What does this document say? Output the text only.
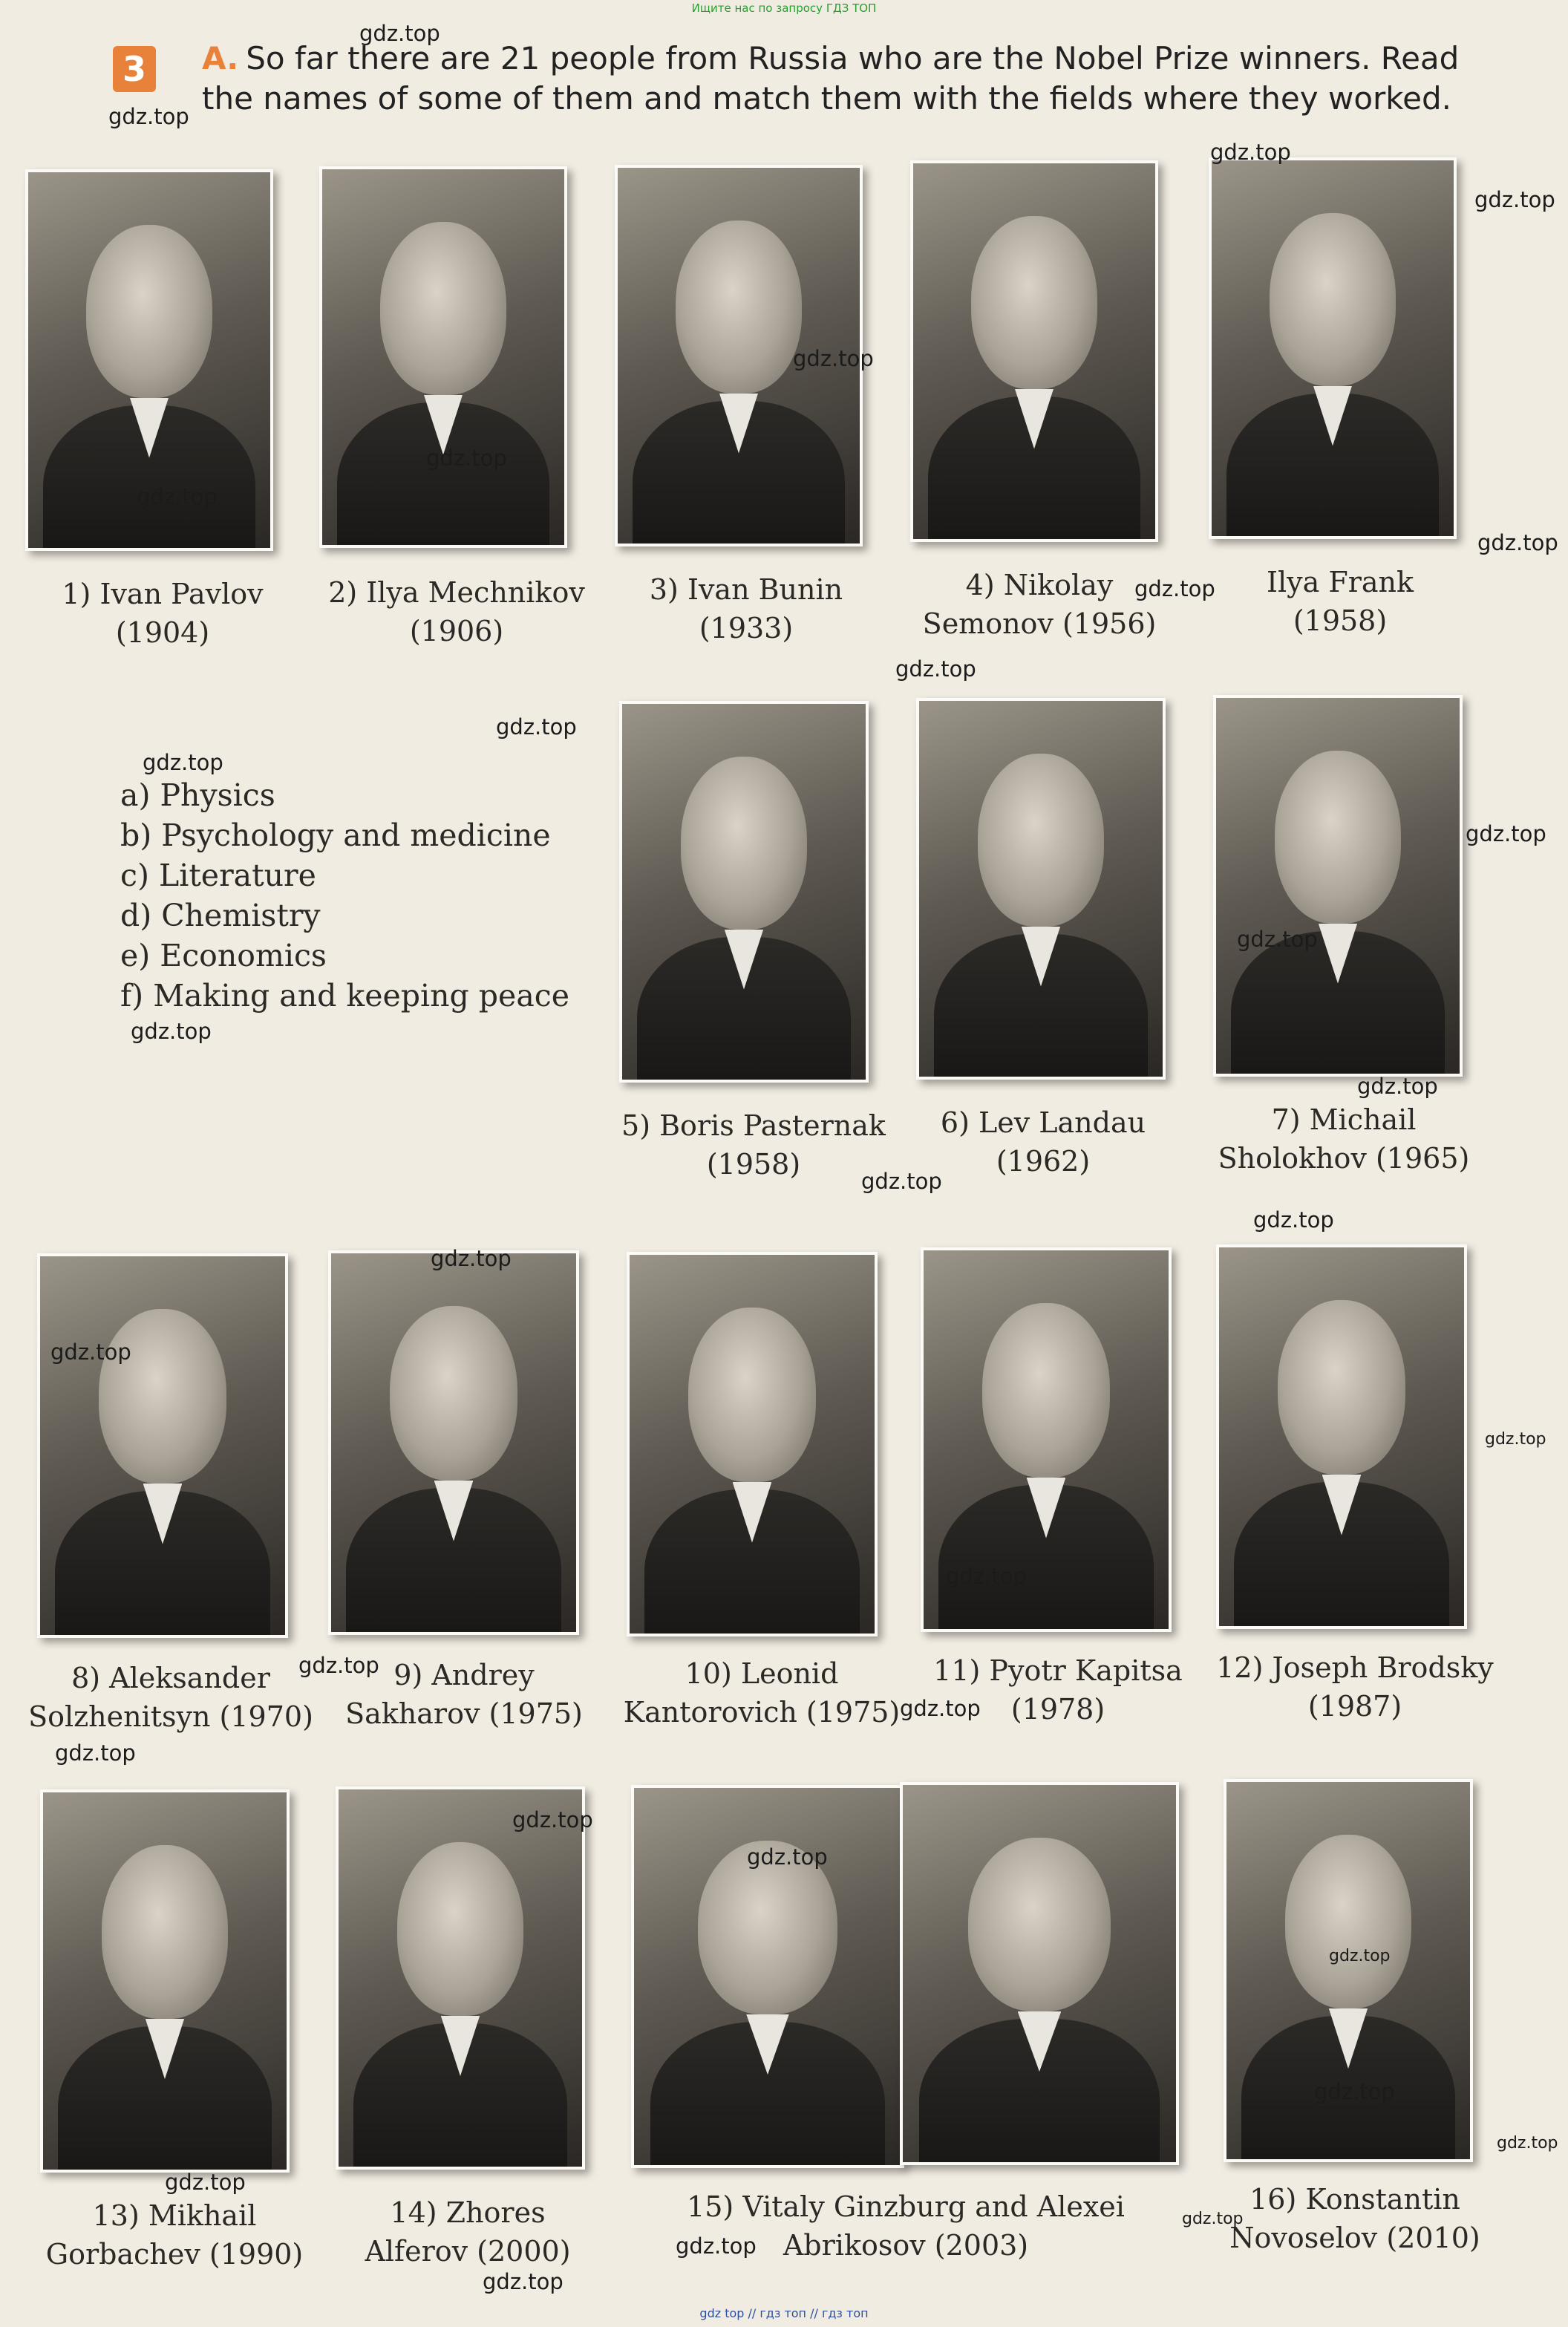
Ищите нас по запросу ГДЗ ТОП
3	A. So far there are 21 people from Russia who are the Nobel Prize winners. Read the names of some of them and match them with the fields where they worked.
1) Ivan Pavlov
(1904)
2) Ilya Mechnikov
(1906)
3) Ivan Bunin
(1933)
4) Nikolay
Semonov (1956)
Ilya Frank
(1958)
a) Physics
b) Psychology and medicine
c) Literature
d) Chemistry
e) Economics
f) Making and keeping peace
5) Boris Pasternak
(1958)
6) Lev Landau
(1962)
7) Michail
Sholokhov (1965)
8) Aleksander
Solzhenitsyn (1970)
9) Andrey
Sakharov (1975)
10) Leonid
Kantorovich (1975)
11) Pyotr Kapitsa
(1978)
12) Joseph Brodsky
(1987)
13) Mikhail
Gorbachev (1990)
14) Zhores
Alferov (2000)
15) Vitaly Ginzburg and Alexei
Abrikosov (2003)
16) Konstantin
Novoselov (2010)
gdz.top
gdz.top
gdz.top
gdz.top
gdz.top
gdz.top
gdz.top
gdz.top
gdz.top
gdz.top
gdz.top
gdz.top
gdz.top
gdz.top
gdz.top
gdz.top
gdz.top
gdz.top
gdz.top
gdz.top
gdz.top
gdz.top
gdz.top
gdz.top
gdz.top
gdz.top
gdz.top
gdz.top
gdz.top
gdz.top
gdz.top
gdz.top
gdz.top
gdz.top
gdz top // гдз топ // гдз топ
